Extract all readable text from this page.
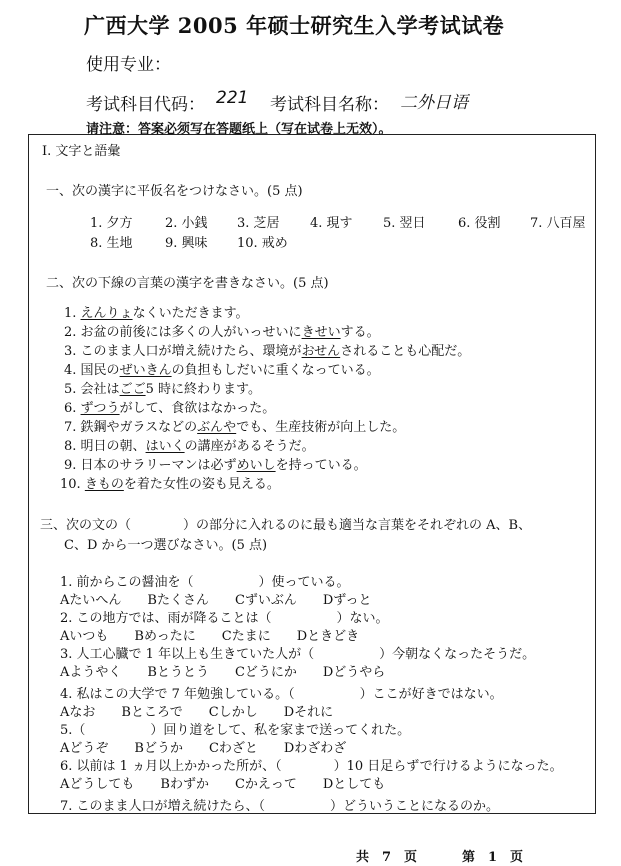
广西大学 2005 年硕士研究生入学考试试卷
使用专业：
考试科目代码： 221 考试科目名称： 二外日语
请注意：答案必须写在答题纸上（写在试卷上无效）。
I. 文字と語彙
一、次の漢字に平仮名をつけなさい。(5 点)
1. 夕方 2. 小銭 3. 芝居 4. 現す 5. 翌日 6. 役割 7. 八百屋
8. 生地 9. 興味 10. 戒め
二、次の下線の言葉の漢字を書きなさい。(5 点)
1. えんりょなくいただきます。
2. お盆の前後には多くの人がいっせいにきせいする。
3. このまま人口が増え続けたら、環境がおせんされることも心配だ。
4. 国民のぜいきんの負担もしだいに重くなっている。
5. 会社はごご5 時に終わります。
6. ずつうがして、食欲はなかった。
7. 鉄鋼やガラスなどのぶんやでも、生産技術が向上した。
8. 明日の朝、はいくの講座があるそうだ。
9. 日本のサラリーマンは必ずめいしを持っている。
10. きものを着た女性の姿も見える。
三、次の文の（　　　　）の部分に入れるのに最も適当な言葉をそれぞれの A、B、
C、D から一つ選びなさい。(5 点)
1. 前からこの醤油を（　　　　　）使っている。
Aたいへん　　Bたくさん　　Cずいぶん　　Dずっと
2. この地方では、雨が降ることは（　　　　　）ない。
Aいつも　　Bめったに　　Cたまに　　Dときどき
3. 人工心臓で 1 年以上も生きていた人が（　　　　　）今朝なくなったそうだ。
Aようやく　　Bとうとう　　Cどうにか　　Dどうやら
4. 私はこの大学で 7 年勉強している。（　　　　　）ここが好きではない。
Aなお　　Bところで　　Cしかし　　Dそれに
5.（　　　　　）回り道をして、私を家まで送ってくれた。
Aどうぞ　　Bどうか　　Cわざと　　Dわざわざ
6. 以前は 1 ヵ月以上かかった所が、（　　　　）10 日足らずで行けるようになった。
Aどうしても　　Bわずか　　Cかえって　　Dとしても
7. このまま人口が増え続けたら、（　　　　　）どういうことになるのか。
共　7　页	第　1　页
